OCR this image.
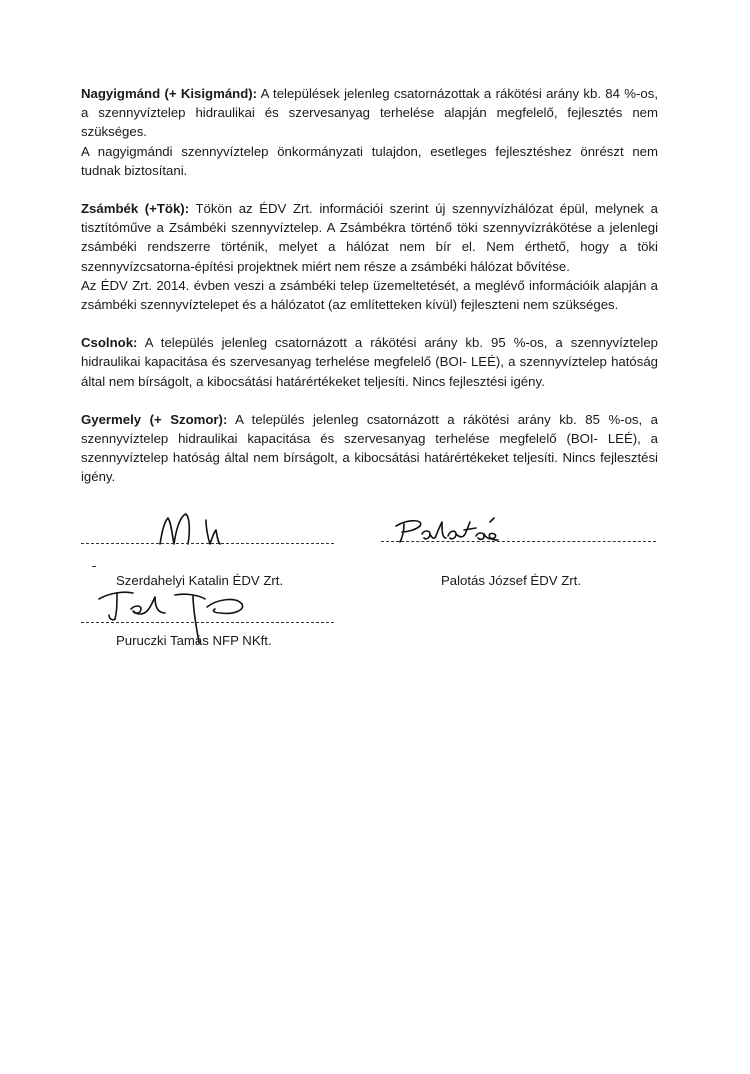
Nagyigmánd (+ Kisigmánd): A települések jelenleg csatornázottak a rákötési arány kb. 84 %-os, a szennyvíztelep hidraulikai és szervesanyag terhelése alapján megfelelő, fejlesztés nem szükséges.

A nagyigmándi szennyvíztelep önkormányzati tulajdon, esetleges fejlesztéshez önrészt nem tudnak biztosítani.

Zsámbék (+Tök): Tökön az ÉDV Zrt. információi szerint új szennyvízhálózat épül, melynek a tisztítóműve a Zsámbéki szennyvíztelep. A Zsámbékra történő töki szennyvízrákötése a jelenlegi zsámbéki rendszerre történik, melyet a hálózat nem bír el. Nem érthető, hogy a töki szennyvízcsatorna-építési projektnek miért nem része a zsámbéki hálózat bővítése.

Az ÉDV Zrt. 2014. évben veszi a zsámbéki telep üzemeltetését, a meglévő információik alapján a zsámbéki szennyvíztelepet és a hálózatot (az említetteken kívül) fejleszteni nem szükséges.

Csolnok: A település jelenleg csatornázott a rákötési arány kb. 95 %-os, a szennyvíztelep hidraulikai kapacitása és szervesanyag terhelése megfelelő (BOI- LEÉ), a szennyvíztelep hatóság által nem bírságolt, a kibocsátási határértékeket teljesíti. Nincs fejlesztési igény.

Gyermely (+ Szomor): A település jelenleg csatornázott a rákötési arány kb. 85 %-os, a szennyvíztelep hidraulikai kapacitása és szervesanyag terhelése megfelelő (BOI- LEÉ), a szennyvíztelep hatóság által nem bírságolt, a kibocsátási határértékeket teljesíti. Nincs fejlesztési igény.

Szerdahelyi Katalin ÉDV Zrt.	Palotás József ÉDV Zrt.
Puruczki Tamás NFP NKft.
